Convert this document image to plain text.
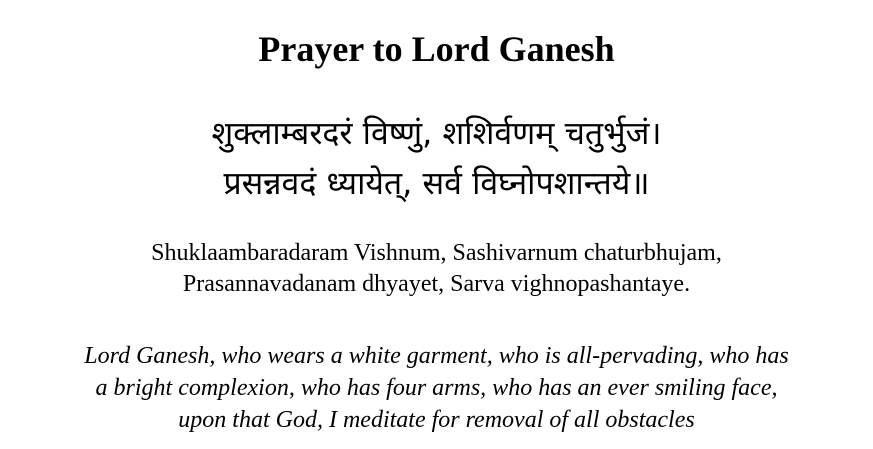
Prayer to Lord Ganesh
शुक्लाम्बरदरं विष्णुं, शशिर्वणम् चतुर्भुजं।
प्रसन्नवदं ध्यायेत्, सर्व विघ्नोपशान्तये॥
Shuklaambaradaram Vishnum, Sashivarnum chaturbhujam,
Prasannavadanam dhyayet, Sarva vighnopashantaye.
Lord Ganesh, who wears a white garment, who is all-pervading, who has
a bright complexion, who has four arms, who has an ever smiling face,
upon that God, I meditate for removal of all obstacles
